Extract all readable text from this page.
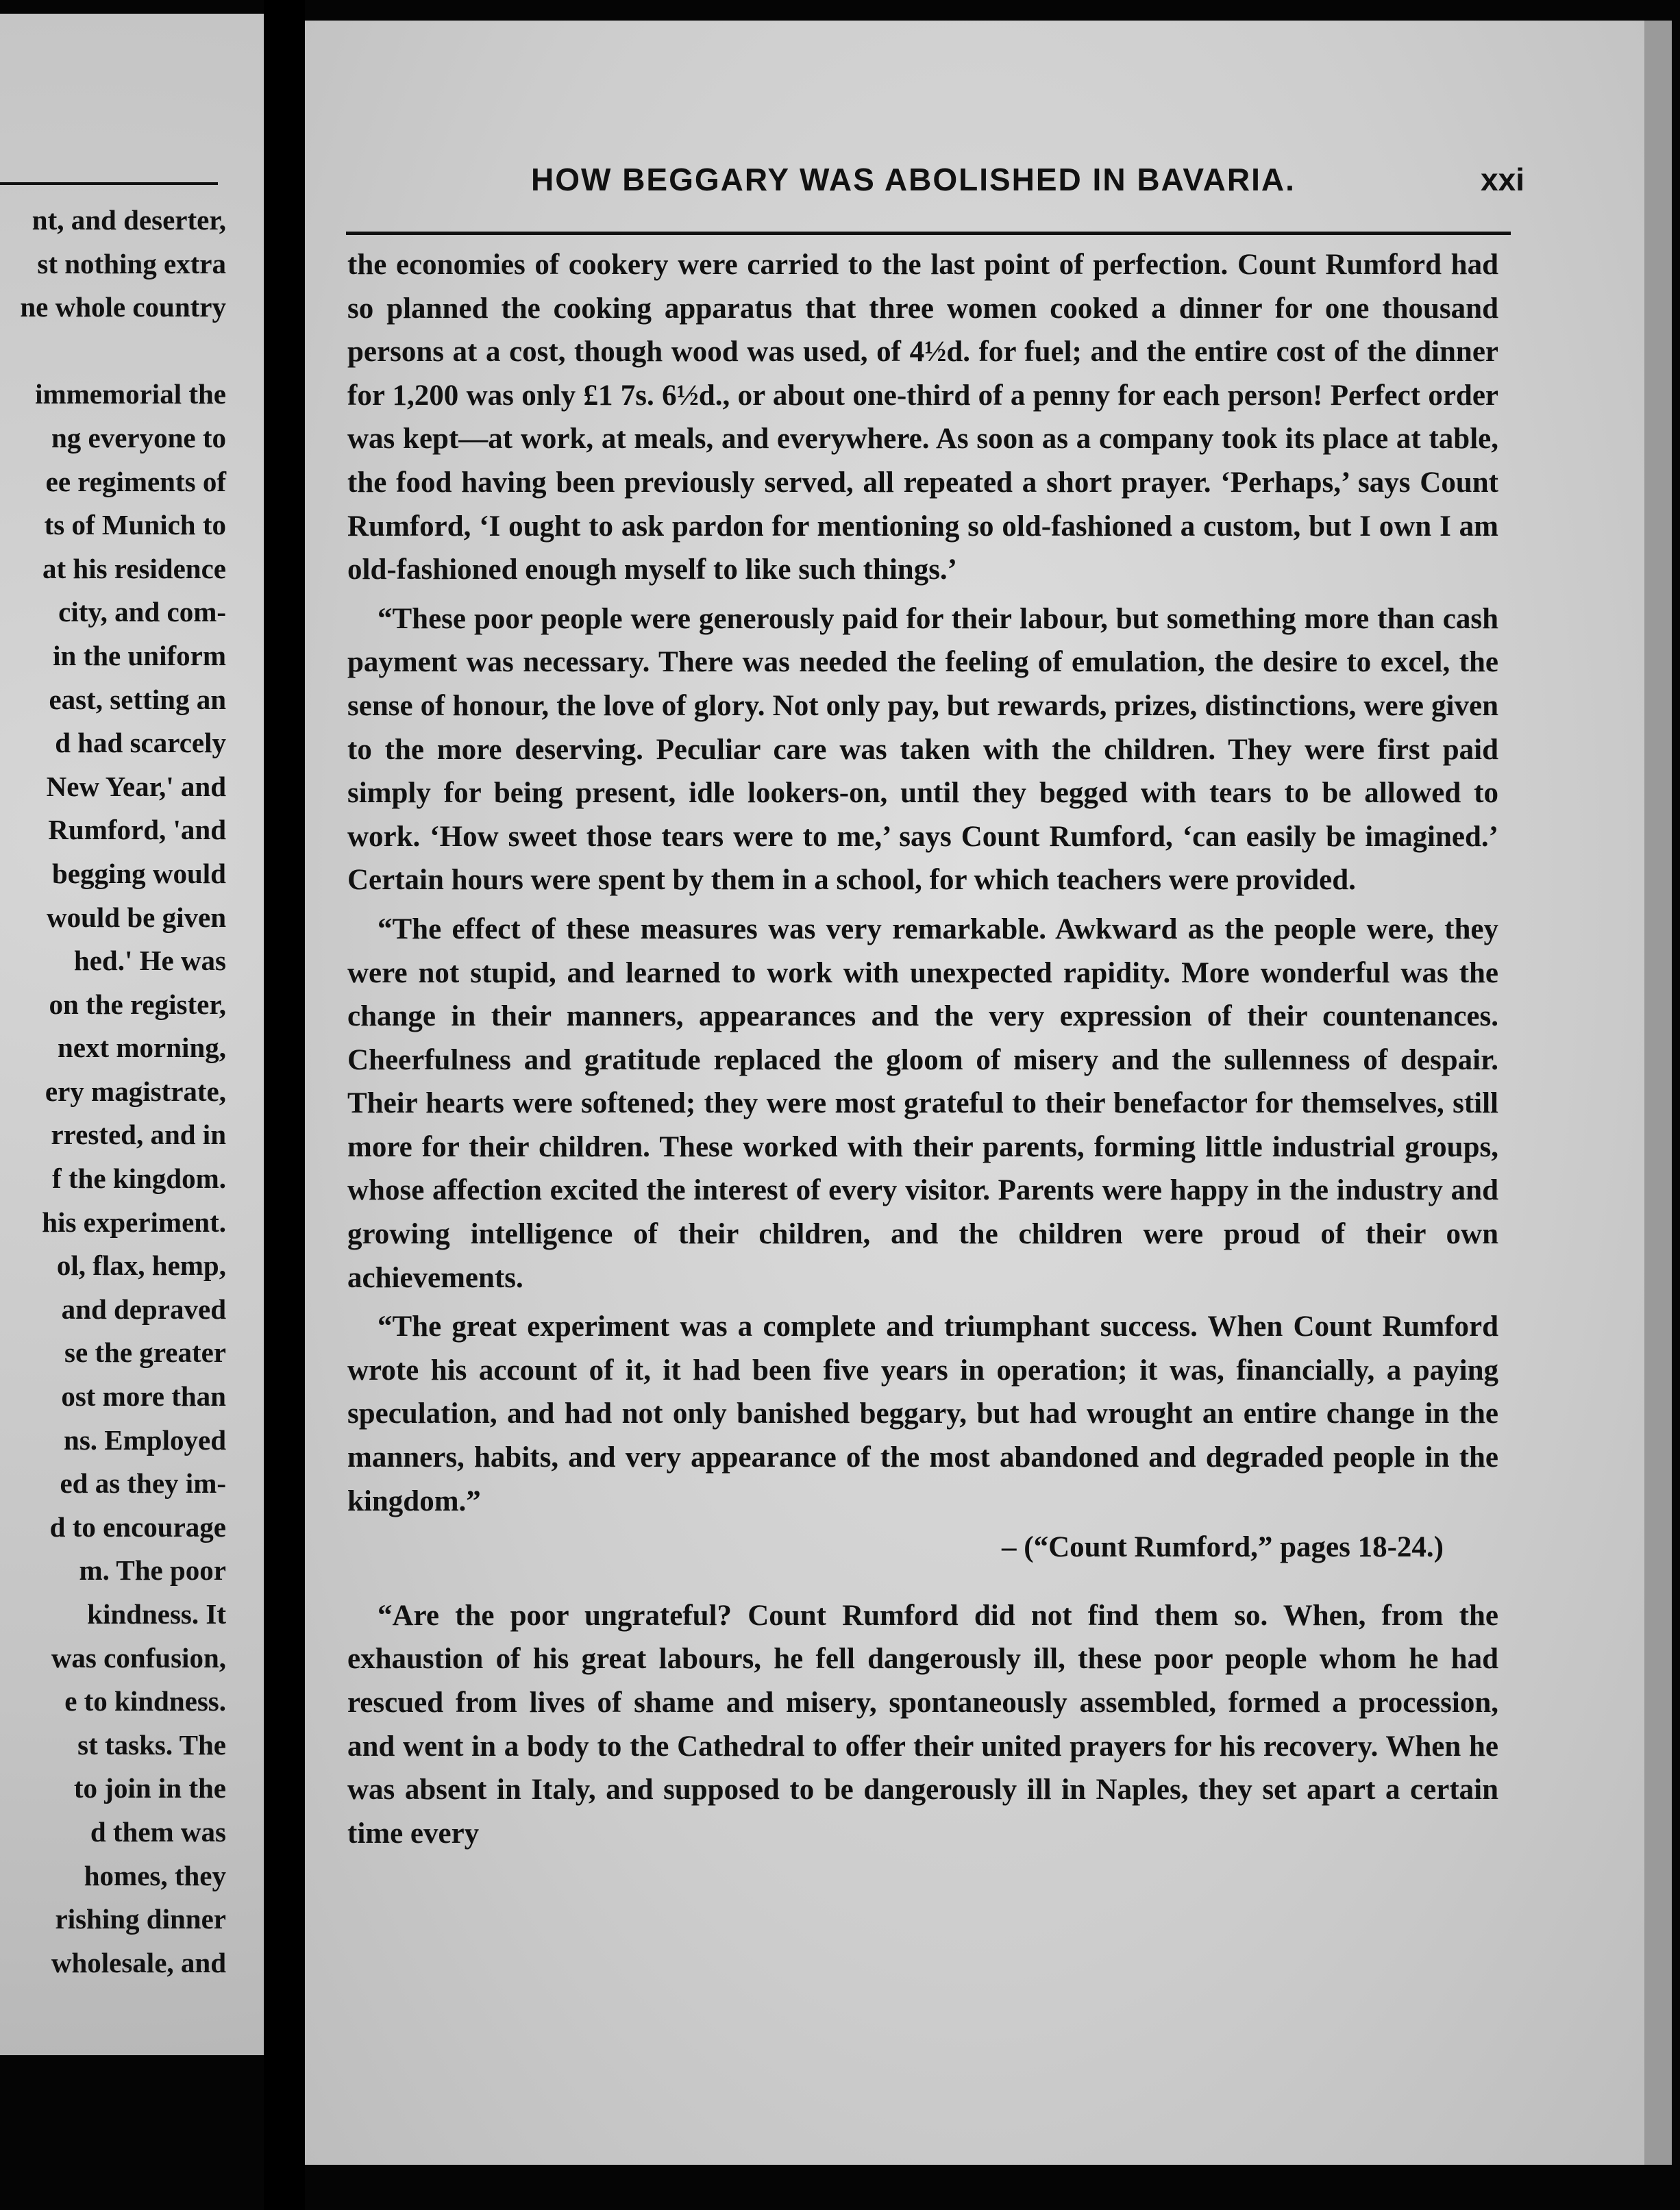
nt, and deserter,
st nothing extra
ne whole country
immemorial the
ng everyone to
ee regiments of
ts of Munich to
at his residence
city, and com-
in the uniform
east, setting an
d had scarcely
New Year,' and
Rumford, 'and
begging would
would be given
hed.' He was
on the register,
next morning,
ery magistrate,
rrested, and in
f the kingdom.
his experiment.
ol, flax, hemp,
and depraved
se the greater
ost more than
ns. Employed
ed as they im-
d to encourage
m. The poor
kindness. It
was confusion,
e to kindness.
st tasks. The
to join in the
d them was
homes, they
rishing dinner
wholesale, and
HOW BEGGARY WAS ABOLISHED IN BAVARIA.	xxi

the economies of cookery were carried to the last point of perfection. Count Rumford had so planned the cooking apparatus that three women cooked a dinner for one thousand persons at a cost, though wood was used, of 4½d. for fuel; and the entire cost of the dinner for 1,200 was only £1 7s. 6½d., or about one-third of a penny for each person! Perfect order was kept—at work, at meals, and everywhere. As soon as a company took its place at table, the food having been previously served, all repeated a short prayer. ‘Perhaps,’ says Count Rumford, ‘I ought to ask pardon for mentioning so old-fashioned a custom, but I own I am old-fashioned enough myself to like such things.’

“These poor people were generously paid for their labour, but something more than cash payment was necessary. There was needed the feeling of emulation, the desire to excel, the sense of honour, the love of glory. Not only pay, but rewards, prizes, distinctions, were given to the more deserving. Peculiar care was taken with the children. They were first paid simply for being present, idle lookers-on, until they begged with tears to be allowed to work. ‘How sweet those tears were to me,’ says Count Rumford, ‘can easily be imagined.’ Certain hours were spent by them in a school, for which teachers were provided.

“The effect of these measures was very remarkable. Awkward as the people were, they were not stupid, and learned to work with unexpected rapidity. More wonderful was the change in their manners, appearances and the very expression of their countenances. Cheerfulness and gratitude replaced the gloom of misery and the sullenness of despair. Their hearts were softened; they were most grateful to their benefactor for themselves, still more for their children. These worked with their parents, forming little industrial groups, whose affection excited the interest of every visitor. Parents were happy in the industry and growing intelligence of their children, and the children were proud of their own achievements.

“The great experiment was a complete and triumphant success. When Count Rumford wrote his account of it, it had been five years in operation; it was, financially, a paying speculation, and had not only banished beggary, but had wrought an entire change in the manners, habits, and very appearance of the most abandoned and degraded people in the kingdom.”

– (“Count Rumford,” pages 18-24.)

“Are the poor ungrateful? Count Rumford did not find them so. When, from the exhaustion of his great labours, he fell dangerously ill, these poor people whom he had rescued from lives of shame and misery, spontaneously assembled, formed a procession, and went in a body to the Cathedral to offer their united prayers for his recovery. When he was absent in Italy, and supposed to be dangerously ill in Naples, they set apart a certain time every
